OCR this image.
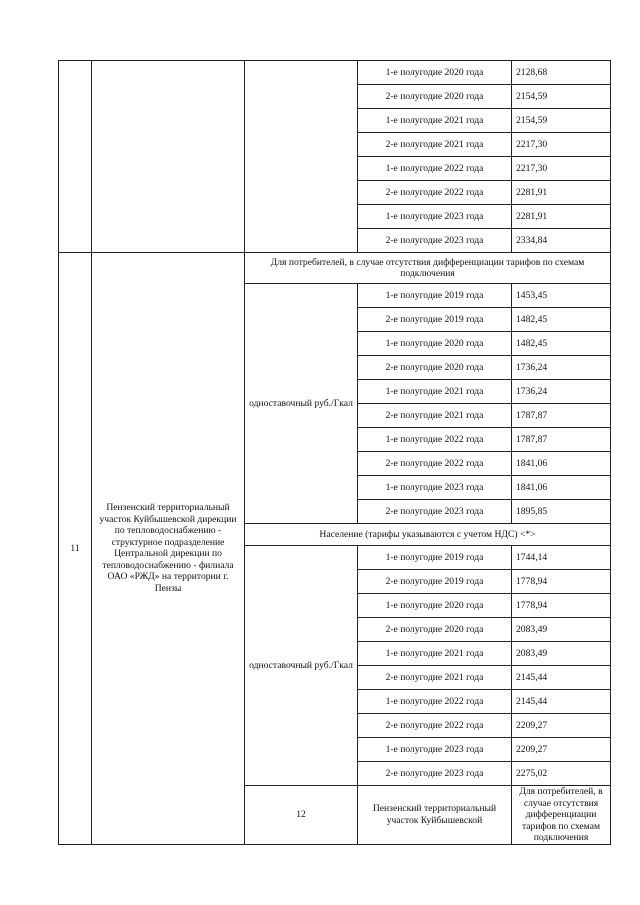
			1-е полугодие 2020 года	2128,68
			2-е полугодие 2020 года	2154,59
			1-е полугодие 2021 года	2154,59
			2-е полугодие 2021 года	2217,30
			1-е полугодие 2022 года	2217,30
			2-е полугодие 2022 года	2281,91
			1-е полугодие 2023 года	2281,91
			2-е полугодие 2023 года	2334,84
11	Пензенский территориальный участок Куйбышевской дирекции по тепловодоснабжению - структурное подразделение Центральной дирекции по тепловодоснабжению - филиала ОАО «РЖД» на территории г. Пензы	Для потребителей, в случае отсутствия дифференциации тарифов по схемам подключения		
		одноставочный руб./Гкал	1-е полугодие 2019 года	1453,45
			2-е полугодие 2019 года	1482,45
			1-е полугодие 2020 года	1482,45
			2-е полугодие 2020 года	1736,24
			1-е полугодие 2021 года	1736,24
			2-е полугодие 2021 года	1787,87
			1-е полугодие 2022 года	1787,87
			2-е полугодие 2022 года	1841,06
			1-е полугодие 2023 года	1841,06
			2-е полугодие 2023 года	1895,85
		Население (тарифы указываются с учетом НДС) <*>		
		одноставочный руб./Гкал	1-е полугодие 2019 года	1744,14
			2-е полугодие 2019 года	1778,94
			1-е полугодие 2020 года	1778,94
			2-е полугодие 2020 года	2083,49
			1-е полугодие 2021 года	2083,49
			2-е полугодие 2021 года	2145,44
			1-е полугодие 2022 года	2145,44
			2-е полугодие 2022 года	2209,27
			1-е полугодие 2023 года	2209,27
			2-е полугодие 2023 года	2275,02
		12	Пензенский территориальный участок Куйбышевской	Для потребителей, в случае отсутствия дифференциации тарифов по схемам подключения
